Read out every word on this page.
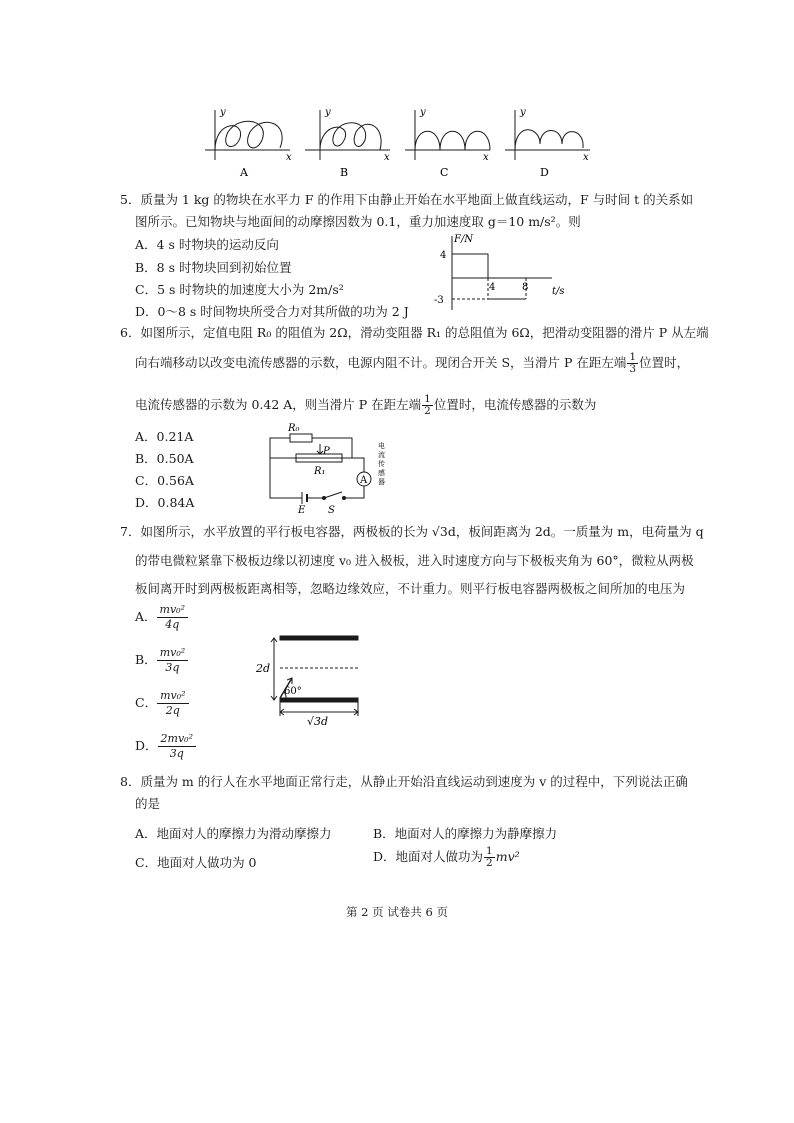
y
x
y
x
y
x
y
x
A	B	C	D
5．质量为 1 kg 的物块在水平力 F 的作用下由静止开始在水平地面上做直线运动，F 与时间 t 的关系如
图所示。已知物块与地面间的动摩擦因数为 0.1，重力加速度取 g＝10 m/s²。则
A．4 s 时物块的运动反向
B．8 s 时物块回到初始位置
C．5 s 时物块的加速度大小为 2m/s²
D．0～8 s 时间物块所受合力对其所做的功为 2 J
F/N
t/s
4
-3
4	8
6．如图所示，定值电阻 R₀ 的阻值为 2Ω，滑动变阻器 R₁ 的总阻值为 6Ω，把滑动变阻器的滑片 P 从左端
向右端移动以改变电流传感器的示数，电源内阻不计。现闭合开关 S，当滑片 P 在距左端 $\frac{1}{3}$ 位置时，
电流传感器的示数为 0.42 A，则当滑片 P 在距左端 $\frac{1}{2}$ 位置时，电流传感器的示数为
A．0.21A
B．0.50A
C．0.56A
D．0.84A
R₀
P
R₁
A
E S
电流传感器
7．如图所示，水平放置的平行板电容器，两极板的长为 √3d，板间距离为 2d。一质量为 m，电荷量为 q
的带电微粒紧靠下极板边缘以初速度 v₀ 进入极板，进入时速度方向与下极板夹角为 60°，微粒从两极
板间离开时到两极板距离相等，忽略边缘效应，不计重力。则平行板电容器两极板之间所加的电压为
A． $\frac{\text{mv₀²}}{4q}$
B． $\frac{\text{mv₀²}}{3q}$
C． $\frac{\text{mv₀²}}{2q}$
D． $\frac{\text{2mv₀²}}{3q}$
2d
60°
√3d
8．质量为 m 的行人在水平地面正常行走，从静止开始沿直线运动到速度为 v 的过程中，下列说法正确
的是
A．地面对人的摩擦力为滑动摩擦力	B．地面对人的摩擦力为静摩擦力
C．地面对人做功为 0	D．地面对人做功为 $\frac{1}{2} mv^2$
第 2 页 试卷共 6 页
